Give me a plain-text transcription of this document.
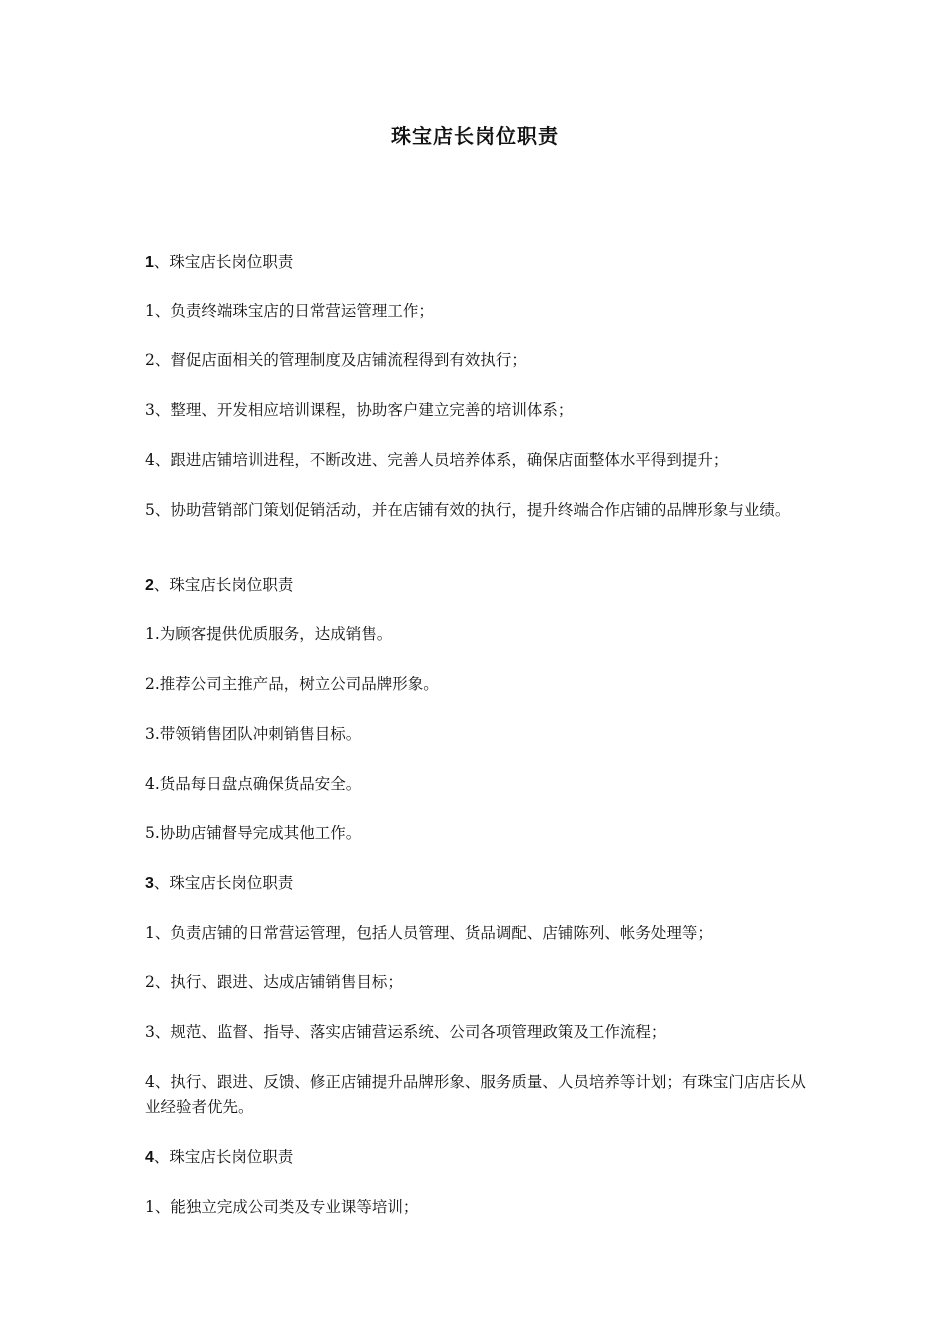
珠宝店长岗位职责
1、珠宝店长岗位职责
1、负责终端珠宝店的日常营运管理工作；
2、督促店面相关的管理制度及店铺流程得到有效执行；
3、整理、开发相应培训课程，协助客户建立完善的培训体系；
4、跟进店铺培训进程，不断改进、完善人员培养体系，确保店面整体水平得到提升；
5、协助营销部门策划促销活动，并在店铺有效的执行，提升终端合作店铺的品牌形象与业绩。
2、珠宝店长岗位职责
1.为顾客提供优质服务，达成销售。
2.推荐公司主推产品，树立公司品牌形象。
3.带领销售团队冲刺销售目标。
4.货品每日盘点确保货品安全。
5.协助店铺督导完成其他工作。
3、珠宝店长岗位职责
1、负责店铺的日常营运管理，包括人员管理、货品调配、店铺陈列、帐务处理等；
2、执行、跟进、达成店铺销售目标；
3、规范、监督、指导、落实店铺营运系统、公司各项管理政策及工作流程；
4、执行、跟进、反馈、修正店铺提升品牌形象、服务质量、人员培养等计划；有珠宝门店店长从业经验者优先。
4、珠宝店长岗位职责
1、能独立完成公司类及专业课等培训；
